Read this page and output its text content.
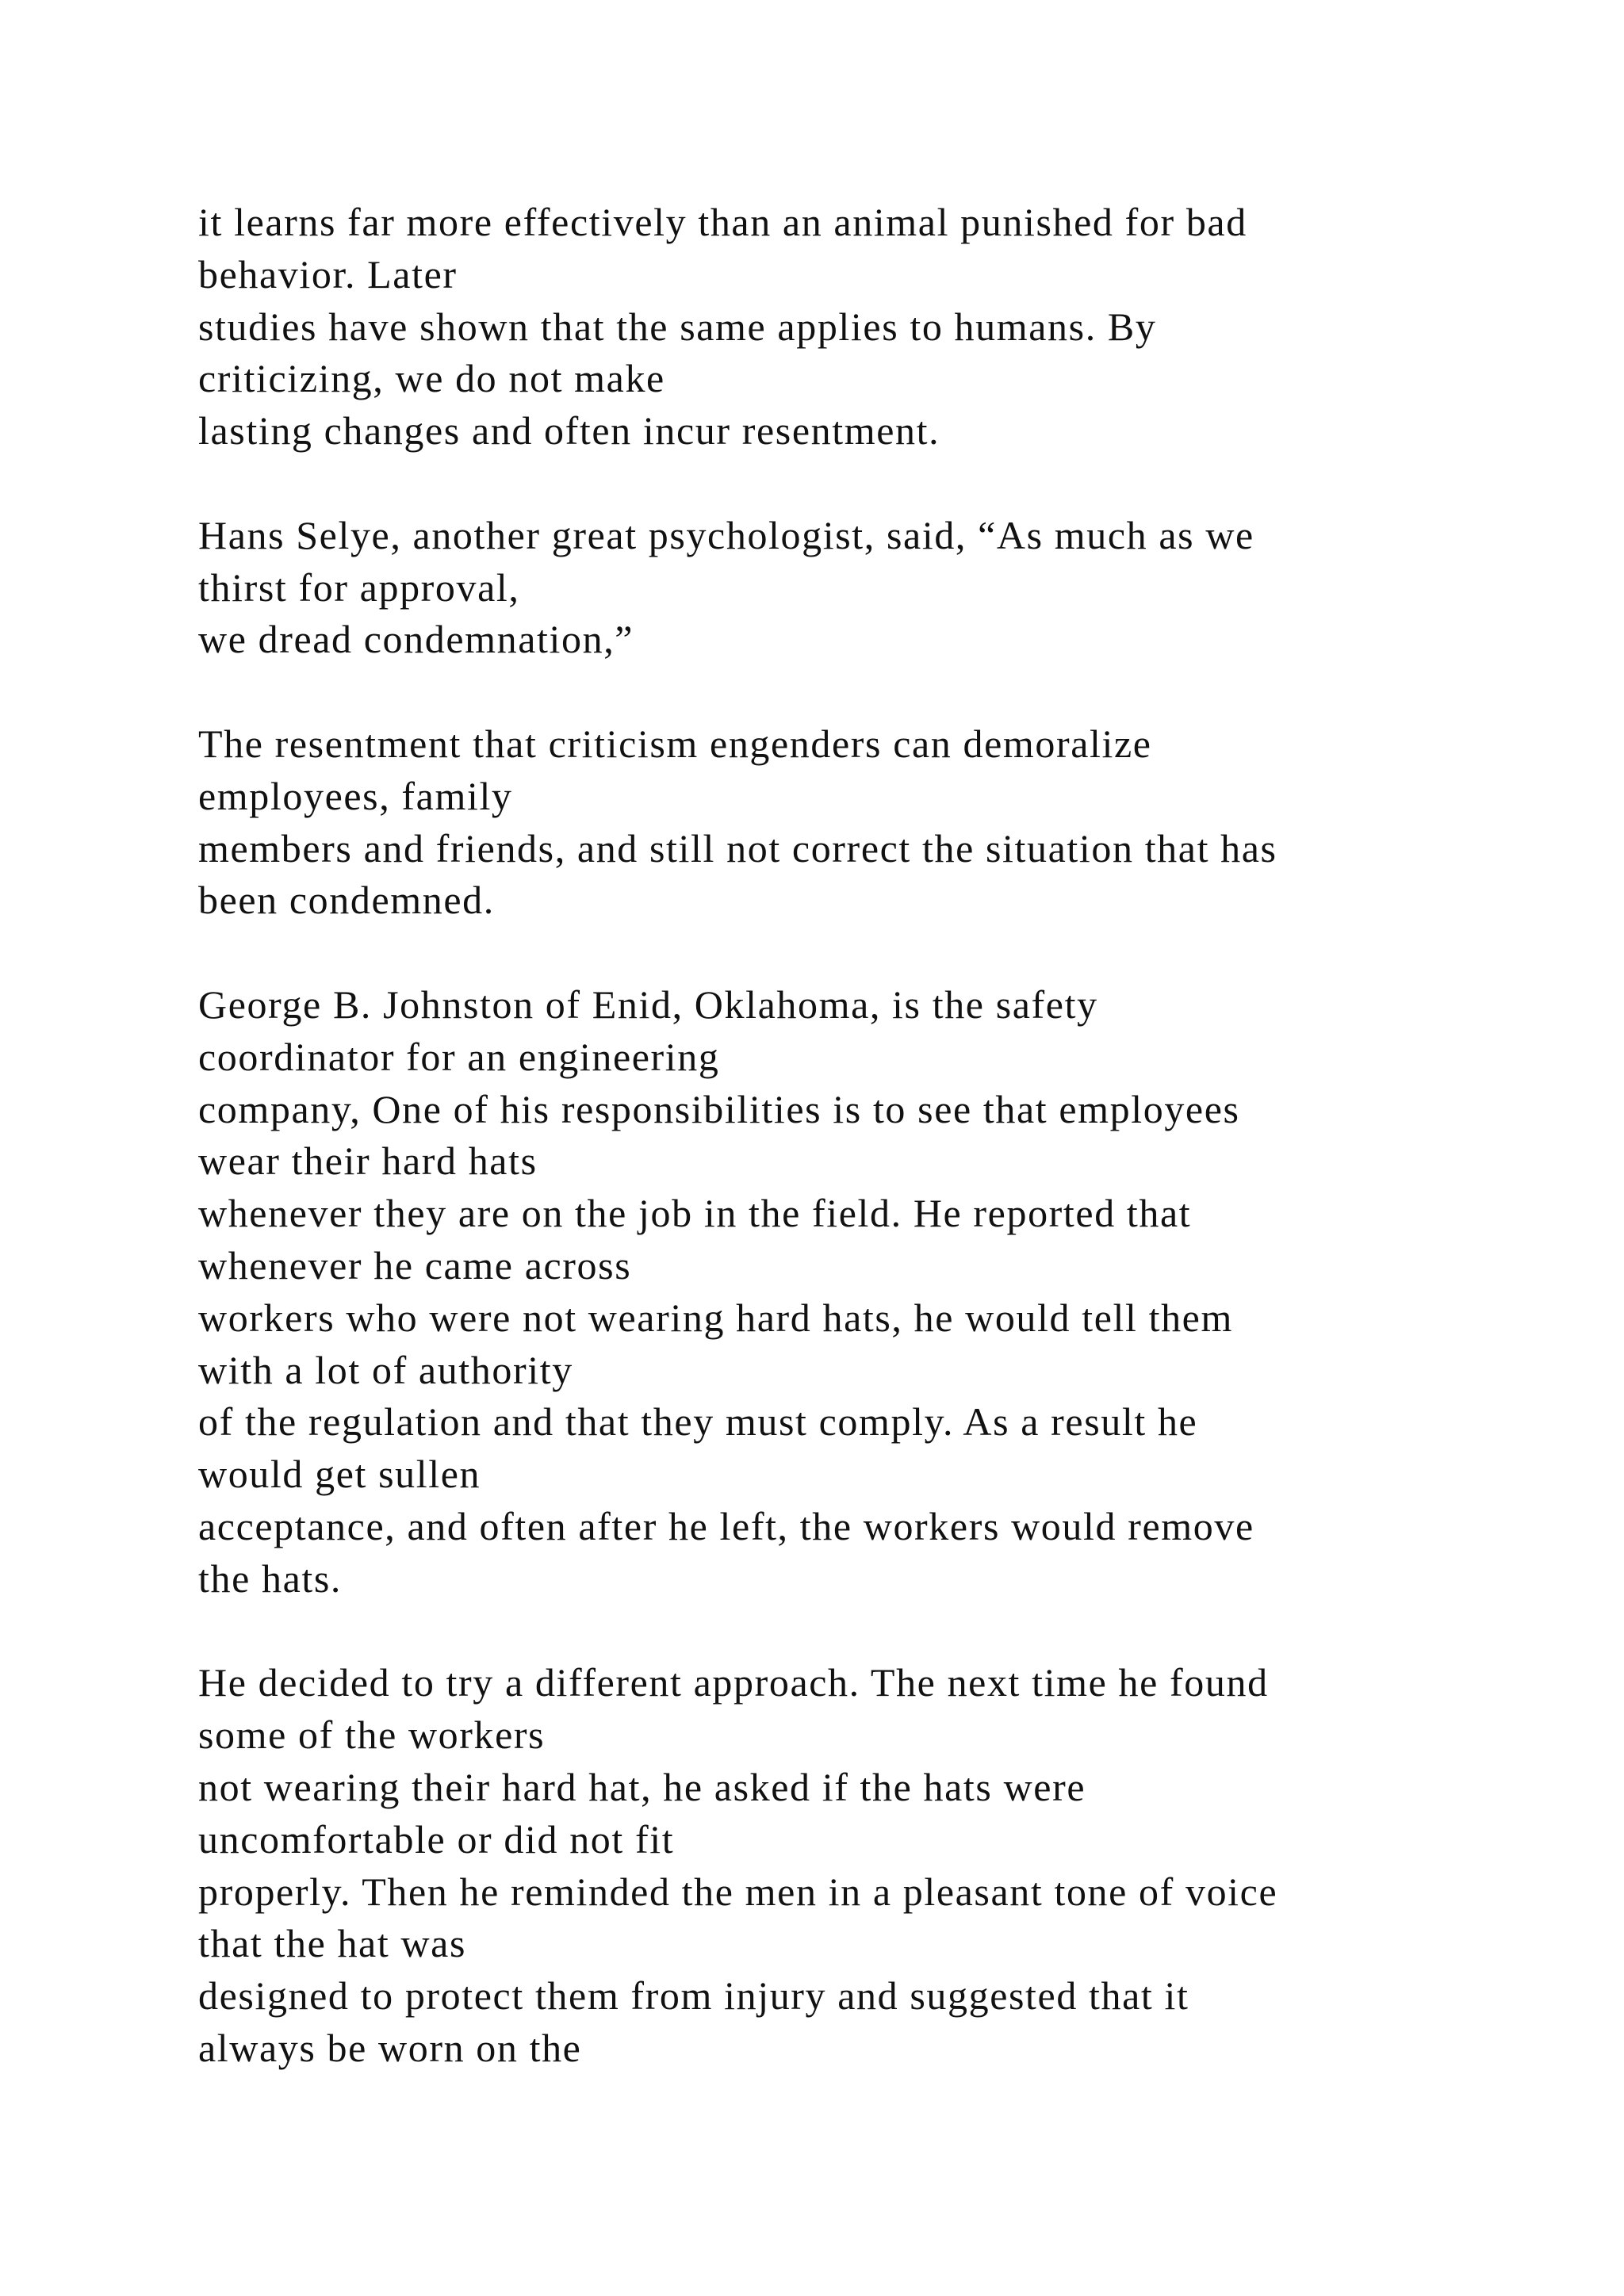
it learns far more effectively than an animal punished for bad
behavior. Later
studies have shown that the same applies to humans. By
criticizing, we do not make
lasting changes and often incur resentment.

Hans Selye, another great psychologist, said, “As much as we
thirst for approval,
we dread condemnation,”

The resentment that criticism engenders can demoralize
employees, family
members and friends, and still not correct the situation that has
been condemned.

George B. Johnston of Enid, Oklahoma, is the safety
coordinator for an engineering
company, One of his responsibilities is to see that employees
wear their hard hats
whenever they are on the job in the field. He reported that
whenever he came across
workers who were not wearing hard hats, he would tell them
with a lot of authority
of the regulation and that they must comply. As a result he
would get sullen
acceptance, and often after he left, the workers would remove
the hats.

He decided to try a different approach. The next time he found
some of the workers
not wearing their hard hat, he asked if the hats were
uncomfortable or did not fit
properly. Then he reminded the men in a pleasant tone of voice
that the hat was
designed to protect them from injury and suggested that it
always be worn on the
